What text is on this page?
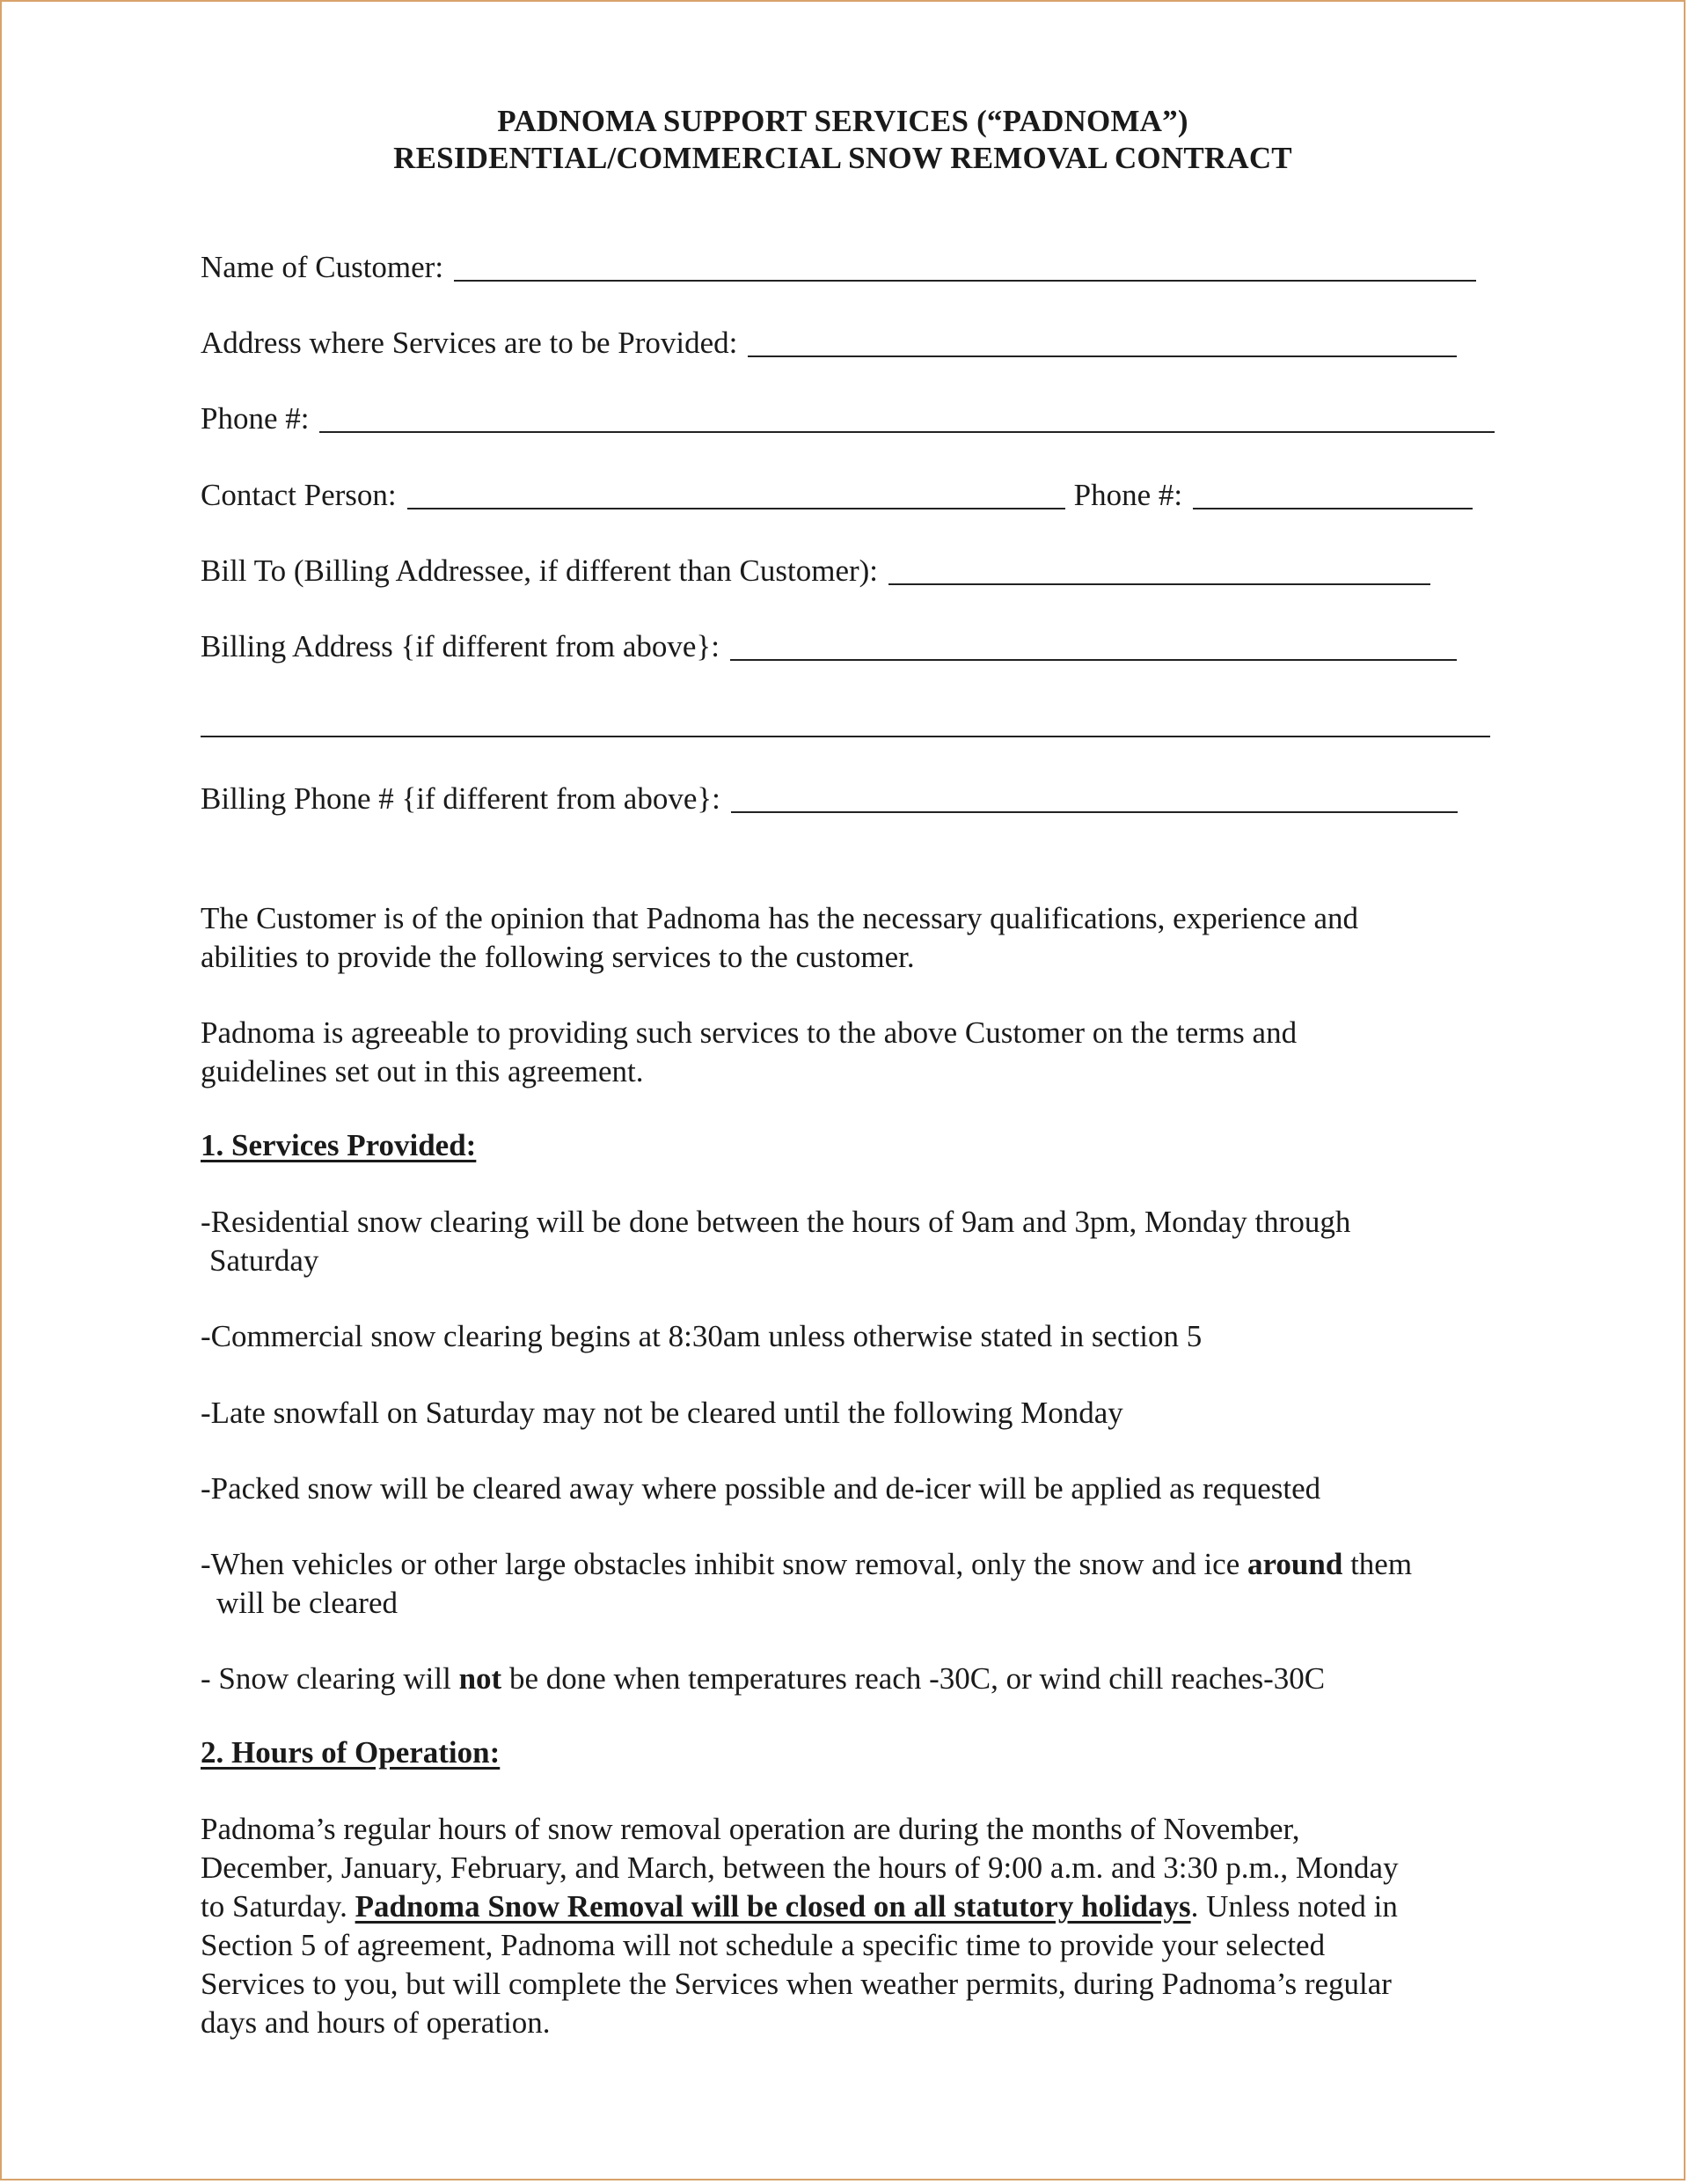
PADNOMA SUPPORT SERVICES (“PADNOMA”)
RESIDENTIAL/COMMERCIAL SNOW REMOVAL CONTRACT
Name of Customer:
Address where Services are to be Provided:
Phone #:
Contact Person:	Phone #:
Bill To (Billing Addressee, if different than Customer):
Billing Address {if different from above}:
Billing Phone # {if different from above}:
The Customer is of the opinion that Padnoma has the necessary qualifications, experience and
abilities to provide the following services to the customer.
Padnoma is agreeable to providing such services to the above Customer on the terms and
guidelines set out in this agreement.
1. Services Provided:
-Residential snow clearing will be done between the hours of 9am and 3pm, Monday through
Saturday
-Commercial snow clearing begins at 8:30am unless otherwise stated in section 5
-Late snowfall on Saturday may not be cleared until the following Monday
-Packed snow will be cleared away where possible and de-icer will be applied as requested
-When vehicles or other large obstacles inhibit snow removal, only the snow and ice around them
will be cleared
- Snow clearing will not be done when temperatures reach -30C, or wind chill reaches-30C
2. Hours of Operation:
Padnoma’s regular hours of snow removal operation are during the months of November,
December, January, February, and March, between the hours of 9:00 a.m. and 3:30 p.m., Monday
to Saturday. Padnoma Snow Removal will be closed on all statutory holidays. Unless noted in
Section 5 of agreement, Padnoma will not schedule a specific time to provide your selected
Services to you, but will complete the Services when weather permits, during Padnoma’s regular
days and hours of operation.
